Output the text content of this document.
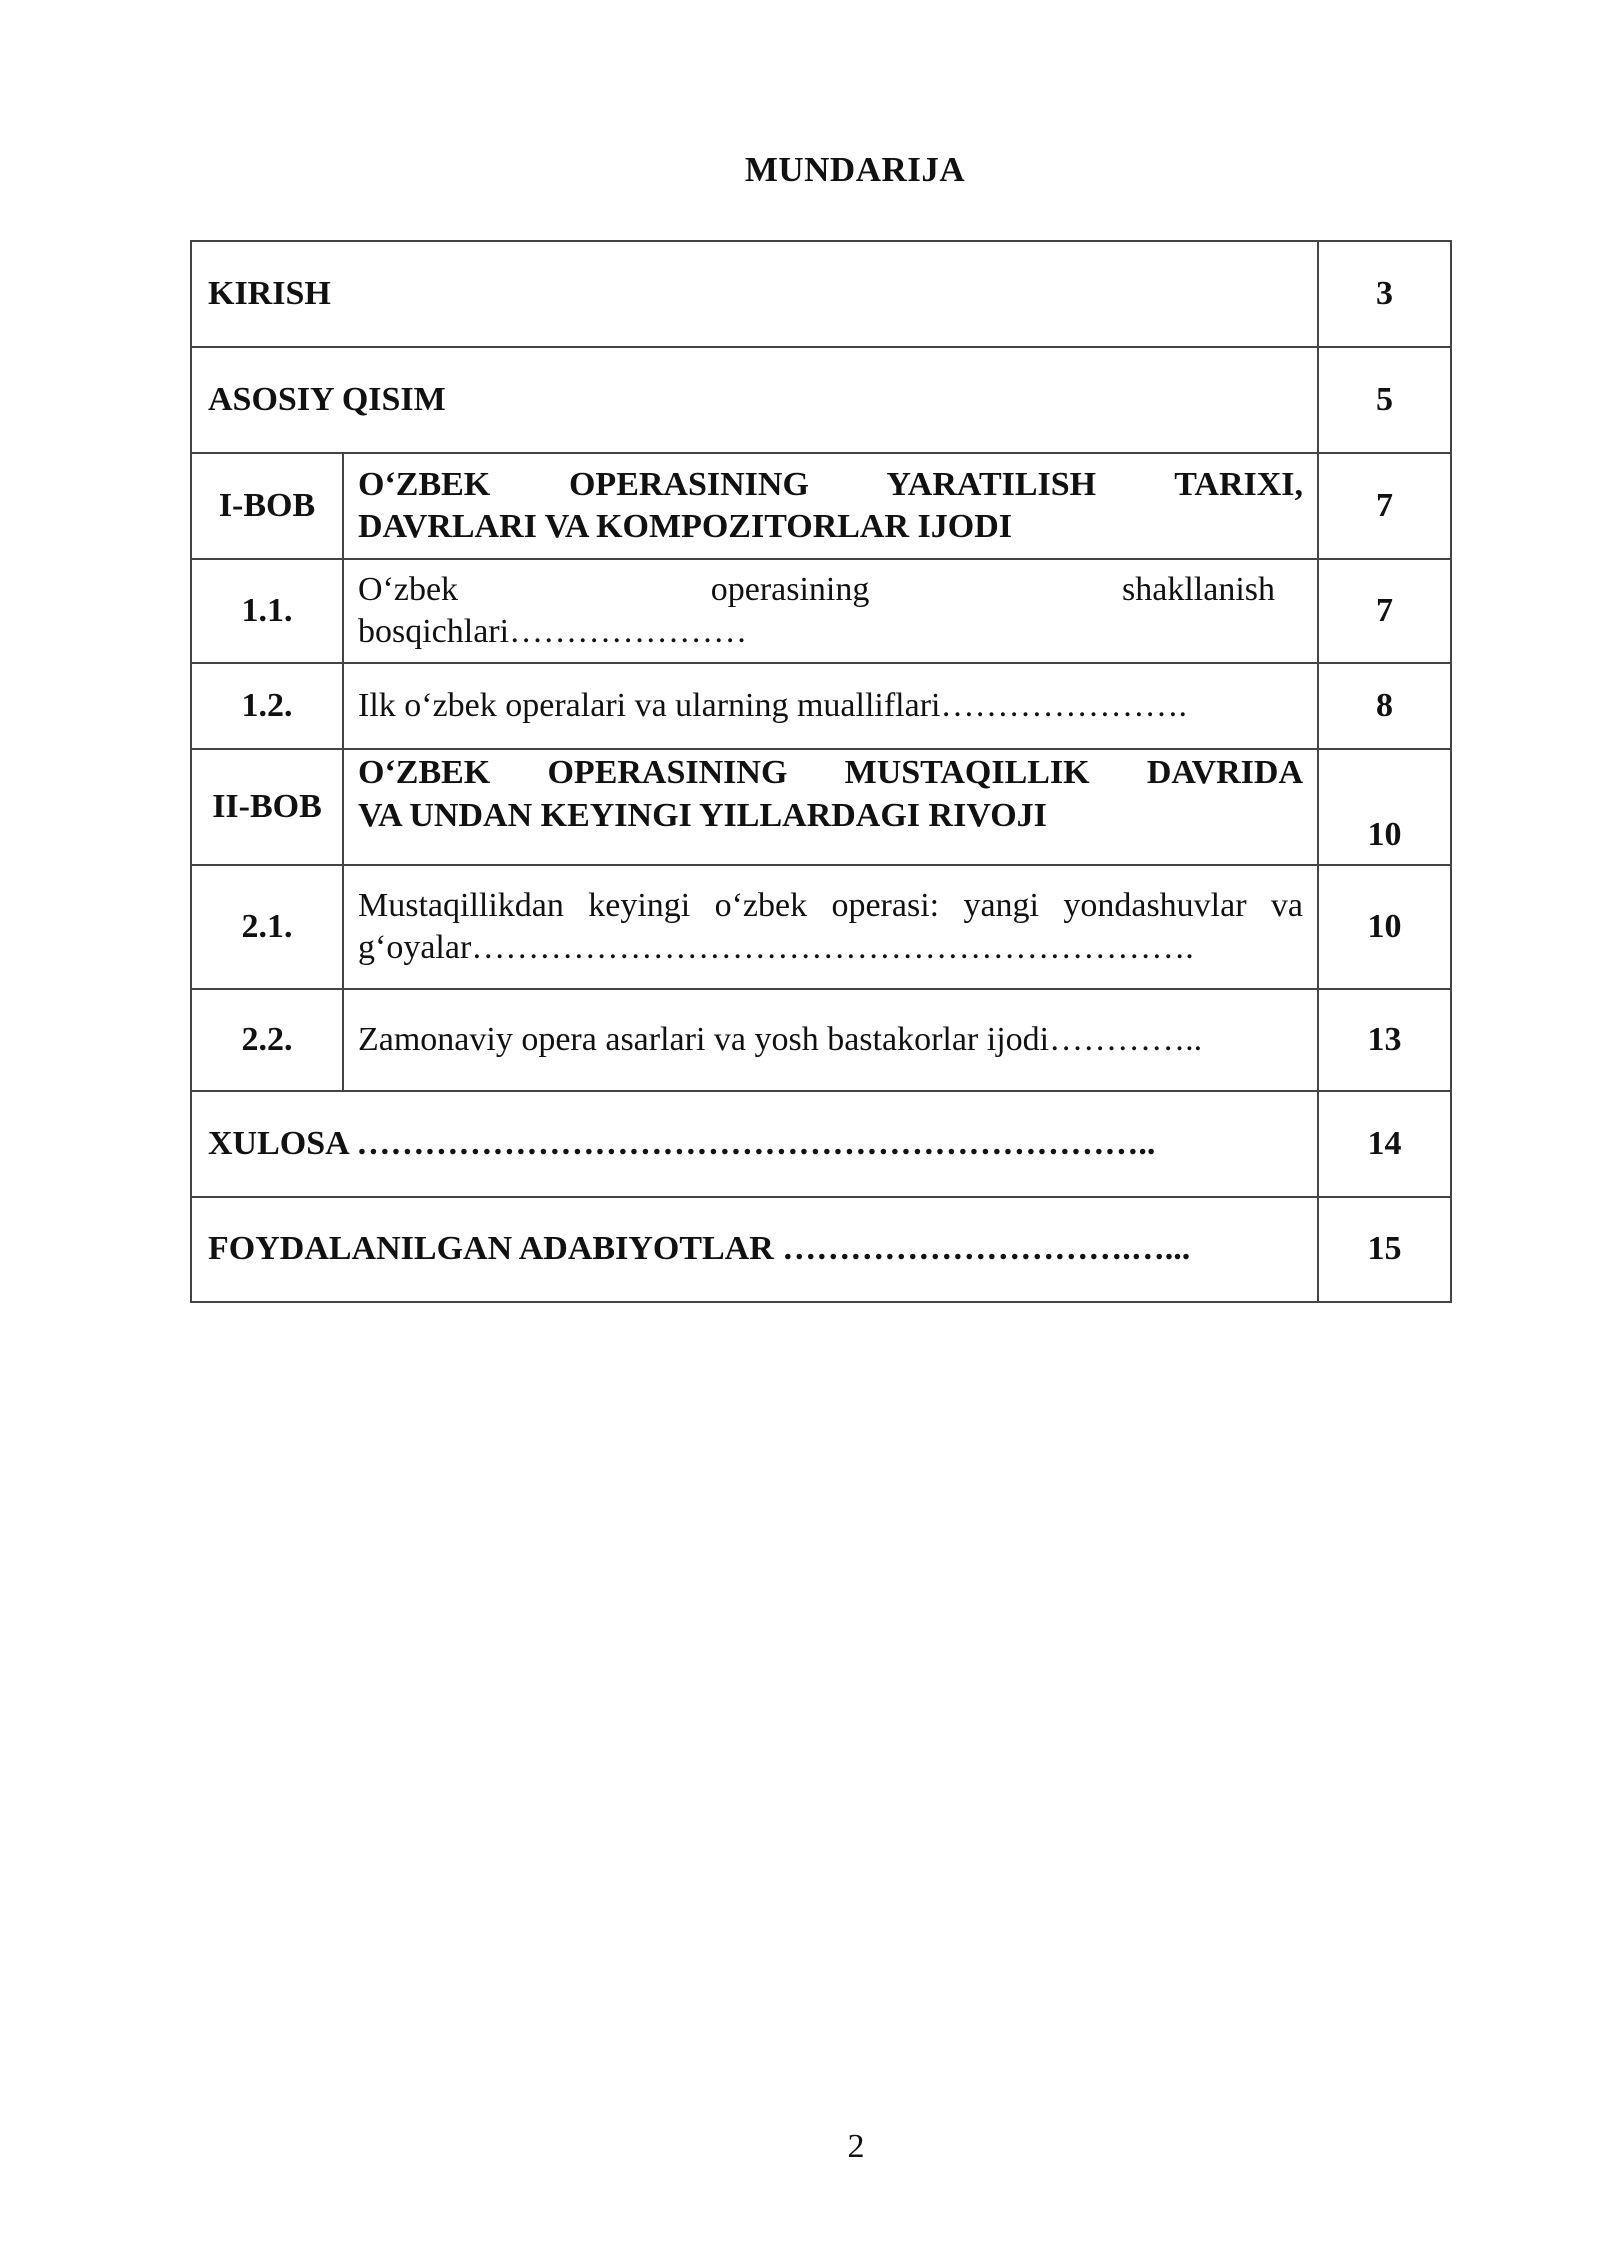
MUNDARIJA
KIRISH		3
ASOSIY QISIM		5
I-BOB	O‘ZBEK OPERASINING YARATILISH TARIXI,
DAVRLARI VA KOMPOZITORLAR IJODI	7
1.1.	O‘zbek operasining shakllanish
bosqichlari…………………	7
1.2.	Ilk o‘zbek operalari va ularning mualliflari………………….	8
II-BOB	O‘ZBEK OPERASINING MUSTAQILLIK DAVRIDA
VA UNDAN KEYINGI YILLARDAGI RIVOJI	10
2.1.	Mustaqillikdan keyingi o‘zbek operasi: yangi yondashuvlar va
g‘oyalar……………………………………………………….	10
2.2.	Zamonaviy opera asarlari va yosh bastakorlar ijodi…………..	13
XULOSA ……………………………………………………………..		14
FOYDALANILGAN ADABIYOTLAR ………………………….…...		15
2
